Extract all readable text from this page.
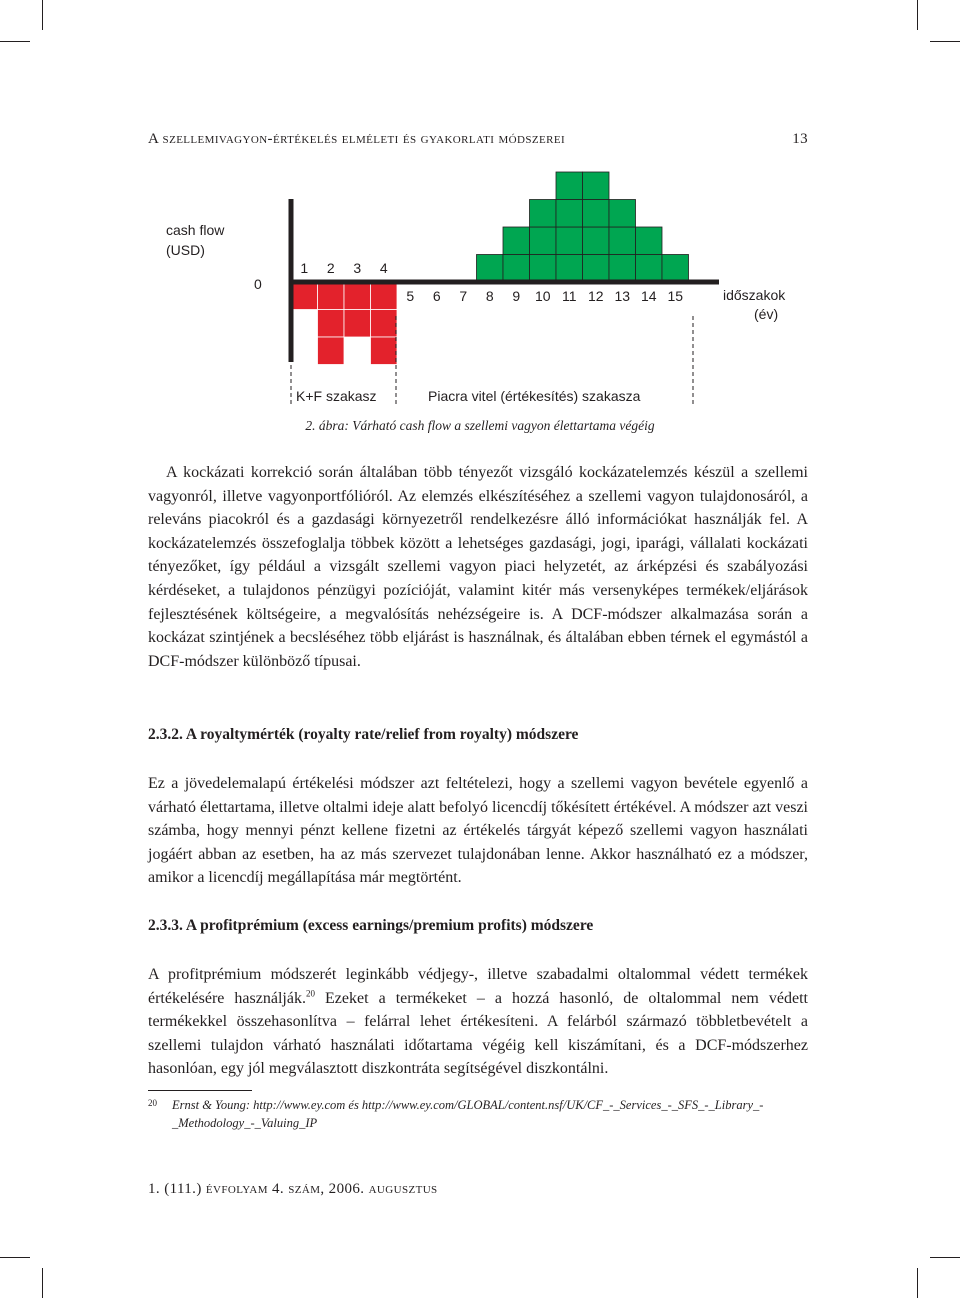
A szellemivagyon-értékelés elméleti és gyakorlati módszerei	13
1 2 3 4
5 6 7 8 9 10 11 12 13 14 15
cash flow
(USD)
0
időszakok
(év)
K+F szakasz	Piacra vitel (értékesítés) szakasza
2. ábra: Várható cash flow a szellemi vagyon élettartama végéig

A kockázati korrekció során általában több tényezőt vizsgáló kockázatelemzés készül a szellemi vagyonról, illetve vagyonportfólióról. Az elemzés elkészítéséhez a szellemi vagyon tulajdonosáról, a releváns piacokról és a gazdasági környezetről rendelkezésre álló információkat használják fel. A kockázatelemzés összefoglalja többek között a lehetséges gazdasági, jogi, iparági, vállalati kockázati tényezőket, így például a vizsgált szellemi vagyon piaci helyzetét, az árképzési és szabályozási kérdéseket, a tulajdonos pénzügyi pozícióját, valamint kitér más versenyképes termékek/eljárások fejlesztésének költségeire, a megvalósítás nehézségeire is. A DCF-módszer alkalmazása során a kockázat szintjének a becsléséhez több eljárást is használnak, és általában ebben térnek el egymástól a DCF-módszer különböző típusai.

2.3.2. A royaltymérték (royalty rate/relief from royalty) módszere

Ez a jövedelemalapú értékelési módszer azt feltételezi, hogy a szellemi vagyon bevétele egyenlő a várható élettartama, illetve oltalmi ideje alatt befolyó licencdíj tőkésített értékével. A módszer azt veszi számba, hogy mennyi pénzt kellene fizetni az értékelés tárgyát képező szellemi vagyon használati jogáért abban az esetben, ha az más szervezet tulajdonában lenne. Akkor használható ez a módszer, amikor a licencdíj megállapítása már megtörtént.

2.3.3. A profitprémium (excess earnings/premium profits) módszere

A profitprémium módszerét leginkább védjegy-, illetve szabadalmi oltalommal védett termékek értékelésére használják.$^{20}$ Ezeket a termékeket – a hozzá hasonló, de oltalommal nem védett termékekkel összehasonlítva – felárral lehet értékesíteni. A felárból származó többletbevételt a szellemi tulajdon várható használati időtartama végéig kell kiszámítani, és a DCF-módszerhez hasonlóan, egy jól megválasztott diszkontráta segítségével diszkontálni.

20 Ernst & Young: http://www.ey.com és http://www.ey.com/GLOBAL/content.nsf/UK/CF_-_Services_-_SFS_-_Library_-_Methodology_-_Valuing_IP
1. (111.) évfolyam 4. szám, 2006. augusztus
